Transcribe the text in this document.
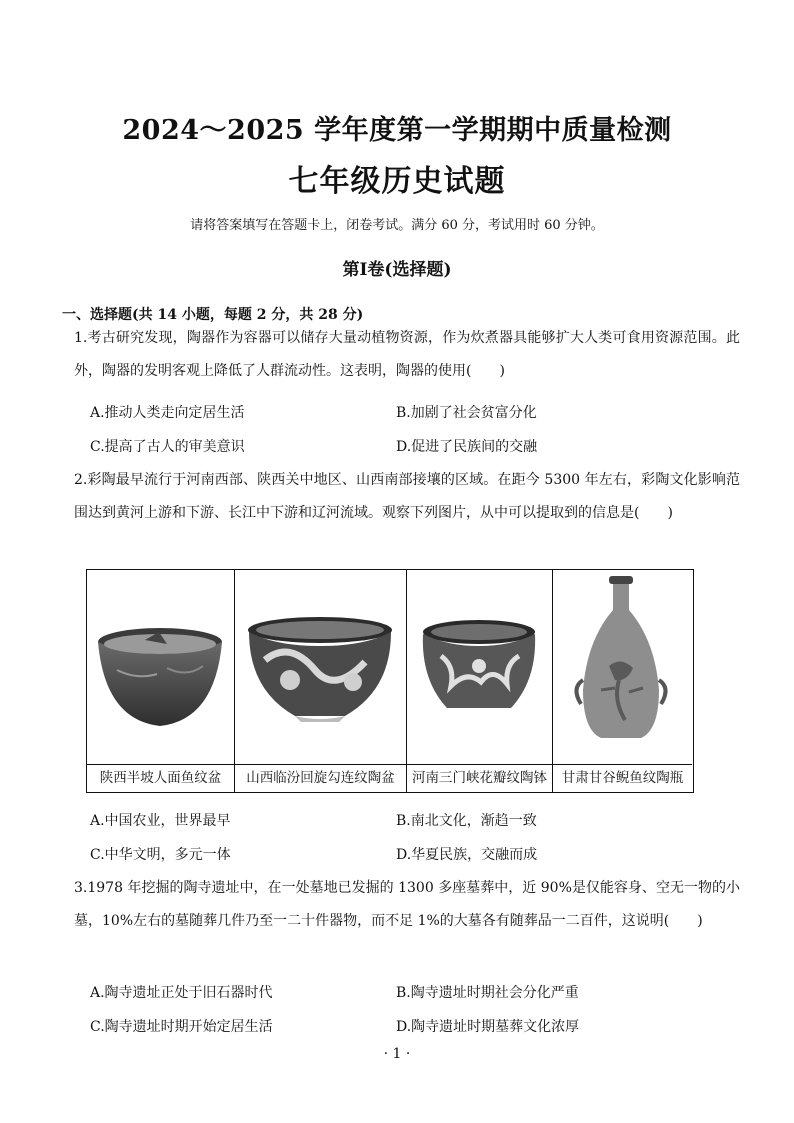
2024～2025 学年度第一学期期中质量检测
七年级历史试题
请将答案填写在答题卡上，闭卷考试。满分 60 分，考试用时 60 分钟。
第Ⅰ卷(选择题)
一、选择题(共 14 小题，每题 2 分，共 28 分)
1.考古研究发现，陶器作为容器可以储存大量动植物资源，作为炊煮器具能够扩大人类可食用资源范围。此外，陶器的发明客观上降低了人群流动性。这表明，陶器的使用(　　)
A.推动人类走向定居生活	B.加剧了社会贫富分化
C.提高了古人的审美意识	D.促进了民族间的交融
2.彩陶最早流行于河南西部、陕西关中地区、山西南部接壤的区域。在距今 5300 年左右，彩陶文化影响范围达到黄河上游和下游、长江中下游和辽河流域。观察下列图片，从中可以提取到的信息是(　　)
陕西半坡人面鱼纹盆	山西临汾回旋勾连纹陶盆	河南三门峡花瓣纹陶钵	甘肃甘谷鲵鱼纹陶瓶
A.中国农业，世界最早	B.南北文化，渐趋一致
C.中华文明，多元一体	D.华夏民族，交融而成
3.1978 年挖掘的陶寺遗址中，在一处墓地已发掘的 1300 多座墓葬中，近 90%是仅能容身、空无一物的小墓，10%左右的墓随葬几件乃至一二十件器物，而不足 1%的大墓各有随葬品一二百件，这说明(　　)
A.陶寺遗址正处于旧石器时代	B.陶寺遗址时期社会分化严重
C.陶寺遗址时期开始定居生活	D.陶寺遗址时期墓葬文化浓厚
· 1 ·
